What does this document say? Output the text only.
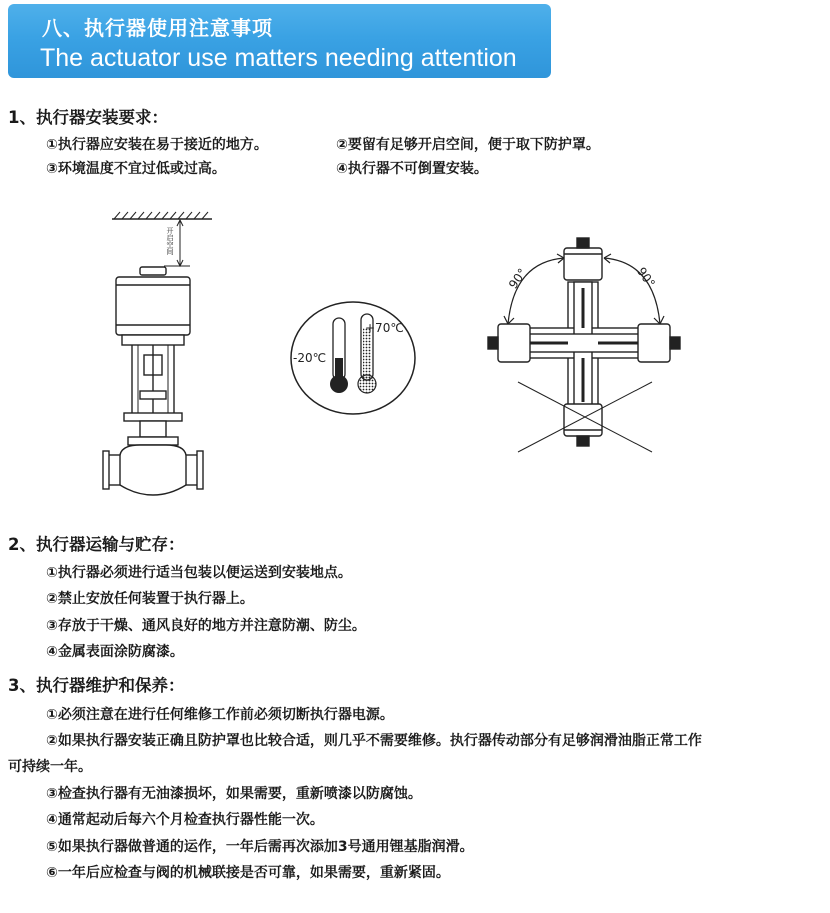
八、执行器使用注意事项
The actuator use matters needing attention
1、执行器安装要求：
①执行器应安装在易于接近的地方。	②要留有足够开启空间，便于取下防护罩。
③环境温度不宜过低或过高。	④执行器不可倒置安装。
开启空间
-20℃
+70℃
90°	90°
2、执行器运输与贮存：
①执行器必须进行适当包装以便运送到安装地点。
②禁止安放任何装置于执行器上。
③存放于干燥、通风良好的地方并注意防潮、防尘。
④金属表面涂防腐漆。
3、执行器维护和保养：
①必须注意在进行任何维修工作前必须切断执行器电源。
②如果执行器安装正确且防护罩也比较合适，则几乎不需要维修。执行器传动部分有足够润滑油脂正常工作
可持续一年。
③检查执行器有无油漆损坏，如果需要，重新喷漆以防腐蚀。
④通常起动后每六个月检查执行器性能一次。
⑤如果执行器做普通的运作，一年后需再次添加3号通用锂基脂润滑。
⑥一年后应检查与阀的机械联接是否可靠，如果需要，重新紧固。
